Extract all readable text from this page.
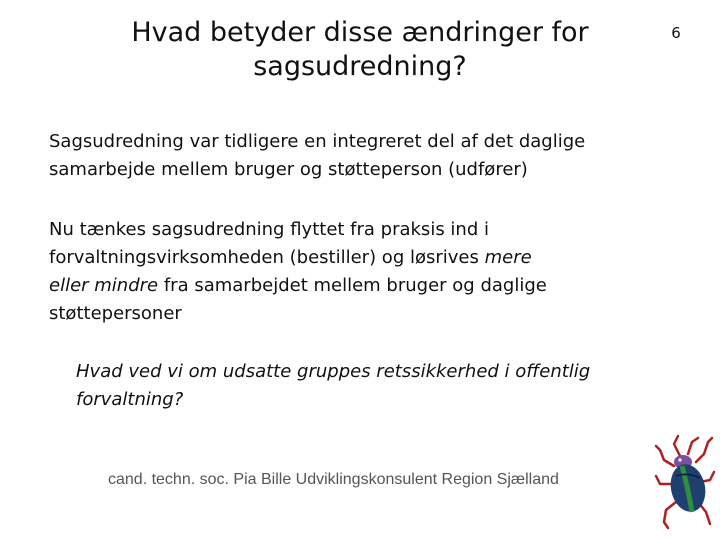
Hvad betyder disse ændringer for
sagsudredning?
6
Sagsudredning var tidligere en integreret del af det daglige
samarbejde mellem bruger og støtteperson (udfører)
Nu tænkes sagsudredning flyttet fra praksis ind i
forvaltningsvirksomheden (bestiller) og løsrives mere
eller mindre fra samarbejdet mellem bruger og daglige
støttepersoner
Hvad ved vi om udsatte gruppes retssikkerhed i offentlig
forvaltning?
cand. techn. soc. Pia Bille Udviklingskonsulent Region Sjælland
